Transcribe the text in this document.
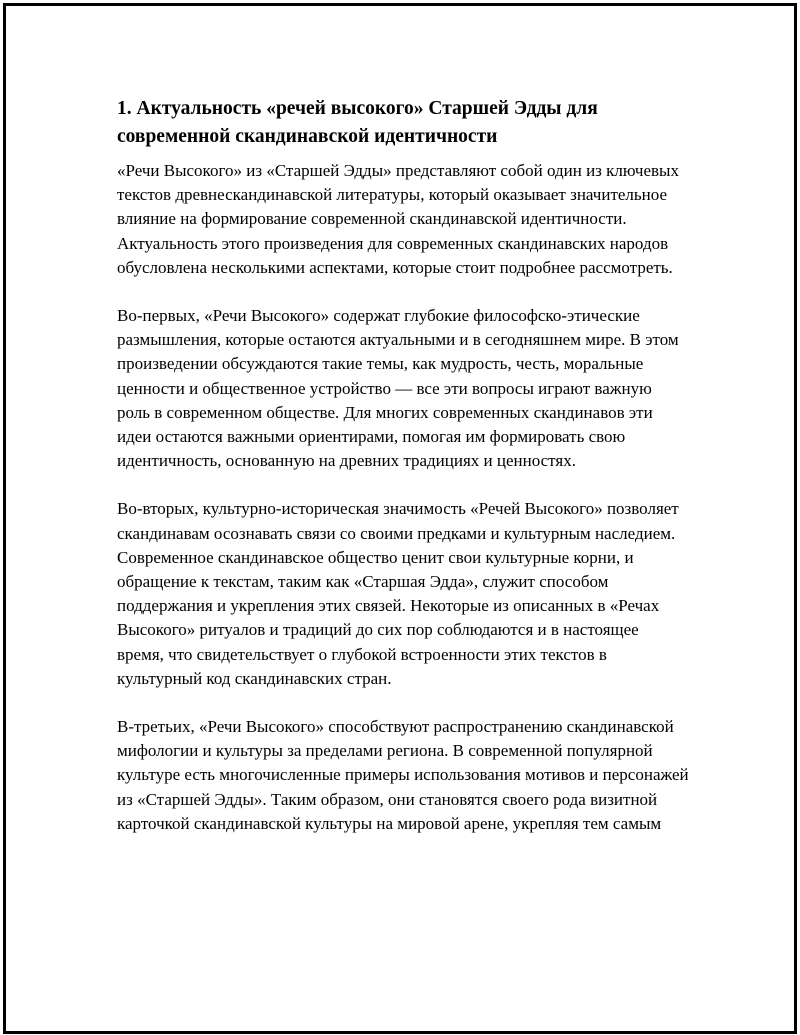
1. Актуальность «речей высокого» Старшей Эдды для современной скандинавской идентичности

«Речи Высокого» из «Старшей Эдды» представляют собой один из ключевых текстов древнескандинавской литературы, который оказывает значительное влияние на формирование современной скандинавской идентичности. Актуальность этого произведения для современных скандинавских народов обусловлена несколькими аспектами, которые стоит подробнее рассмотреть.

Во-первых, «Речи Высокого» содержат глубокие философско-этические размышления, которые остаются актуальными и в сегодняшнем мире. В этом произведении обсуждаются такие темы, как мудрость, честь, моральные ценности и общественное устройство — все эти вопросы играют важную роль в современном обществе. Для многих современных скандинавов эти идеи остаются важными ориентирами, помогая им формировать свою идентичность, основанную на древних традициях и ценностях.

Во-вторых, культурно-историческая значимость «Речей Высокого» позволяет скандинавам осознавать связи со своими предками и культурным наследием. Современное скандинавское общество ценит свои культурные корни, и обращение к текстам, таким как «Старшая Эдда», служит способом поддержания и укрепления этих связей. Некоторые из описанных в «Речах Высокого» ритуалов и традиций до сих пор соблюдаются и в настоящее время, что свидетельствует о глубокой встроенности этих текстов в культурный код скандинавских стран.

В-третьих, «Речи Высокого» способствуют распространению скандинавской мифологии и культуры за пределами региона. В современной популярной культуре есть многочисленные примеры использования мотивов и персонажей из «Старшей Эдды». Таким образом, они становятся своего рода визитной карточкой скандинавской культуры на мировой арене, укрепляя тем самым
